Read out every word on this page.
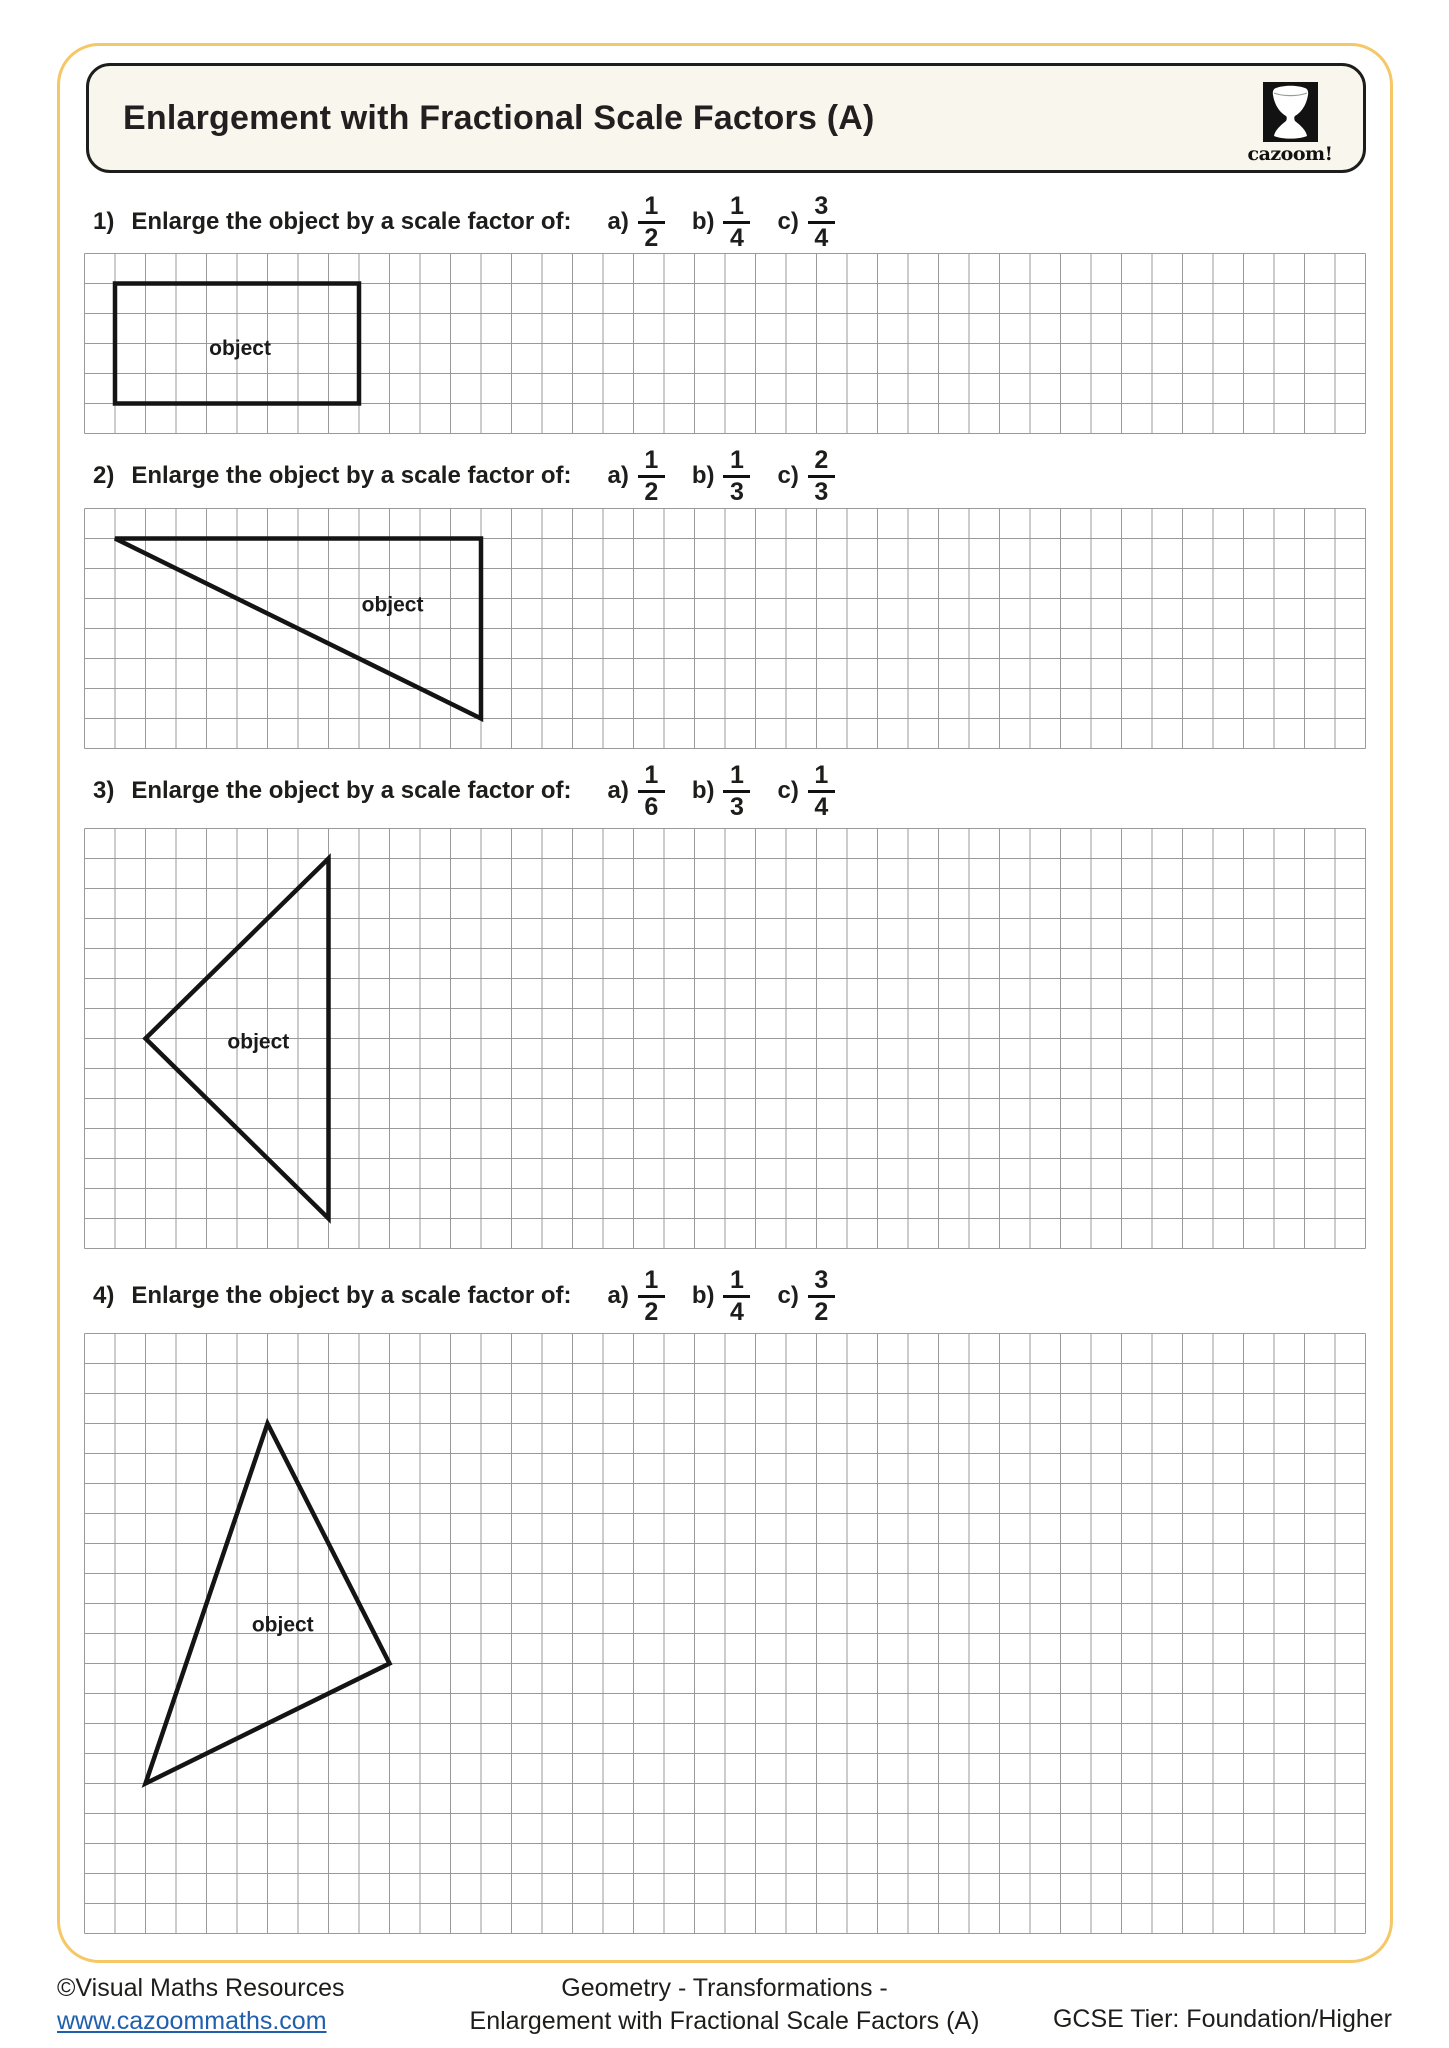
Enlargement with Fractional Scale Factors (A)
cazoom!
1) Enlarge the object by a scale factor of: $a) \frac{1}{2} b) \frac{1}{4} c) \frac{3}{4}$
object
2) Enlarge the object by a scale factor of: $a) \frac{1}{2} b) \frac{1}{3} c) \frac{2}{3}$
object
3) Enlarge the object by a scale factor of: $a) \frac{1}{6} b) \frac{1}{3} c) \frac{1}{4}$
object
4) Enlarge the object by a scale factor of: $a) \frac{1}{2} b) \frac{1}{4} c) \frac{3}{2}$
object
©Visual Maths Resources
www.cazoommaths.com
Geometry - Transformations -
Enlargement with Fractional Scale Factors (A)	GCSE Tier: Foundation/Higher
